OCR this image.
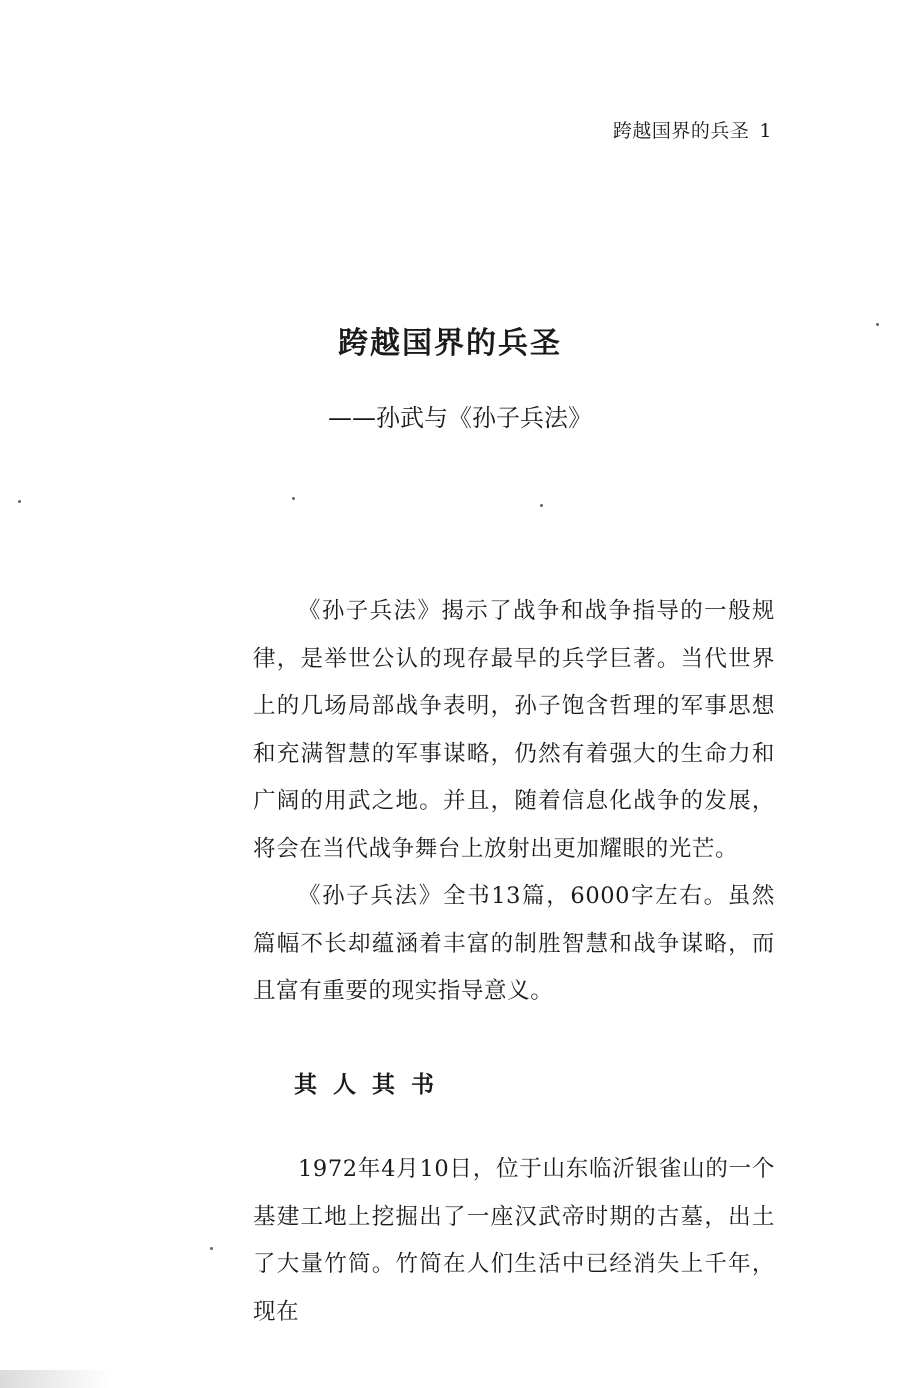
跨越国界的兵圣 1
跨越国界的兵圣
——孙武与《孙子兵法》

《孙子兵法》揭示了战争和战争指导的一般规律，是举世公认的现存最早的兵学巨著。当代世界上的几场局部战争表明，孙子饱含哲理的军事思想和充满智慧的军事谋略，仍然有着强大的生命力和广阔的用武之地。并且，随着信息化战争的发展，将会在当代战争舞台上放射出更加耀眼的光芒。

《孙子兵法》全书13篇，6000字左右。虽然篇幅不长却蕴涵着丰富的制胜智慧和战争谋略，而且富有重要的现实指导意义。

其人其书

1972年4月10日，位于山东临沂银雀山的一个基建工地上挖掘出了一座汉武帝时期的古墓，出土了大量竹简。竹简在人们生活中已经消失上千年，现在
